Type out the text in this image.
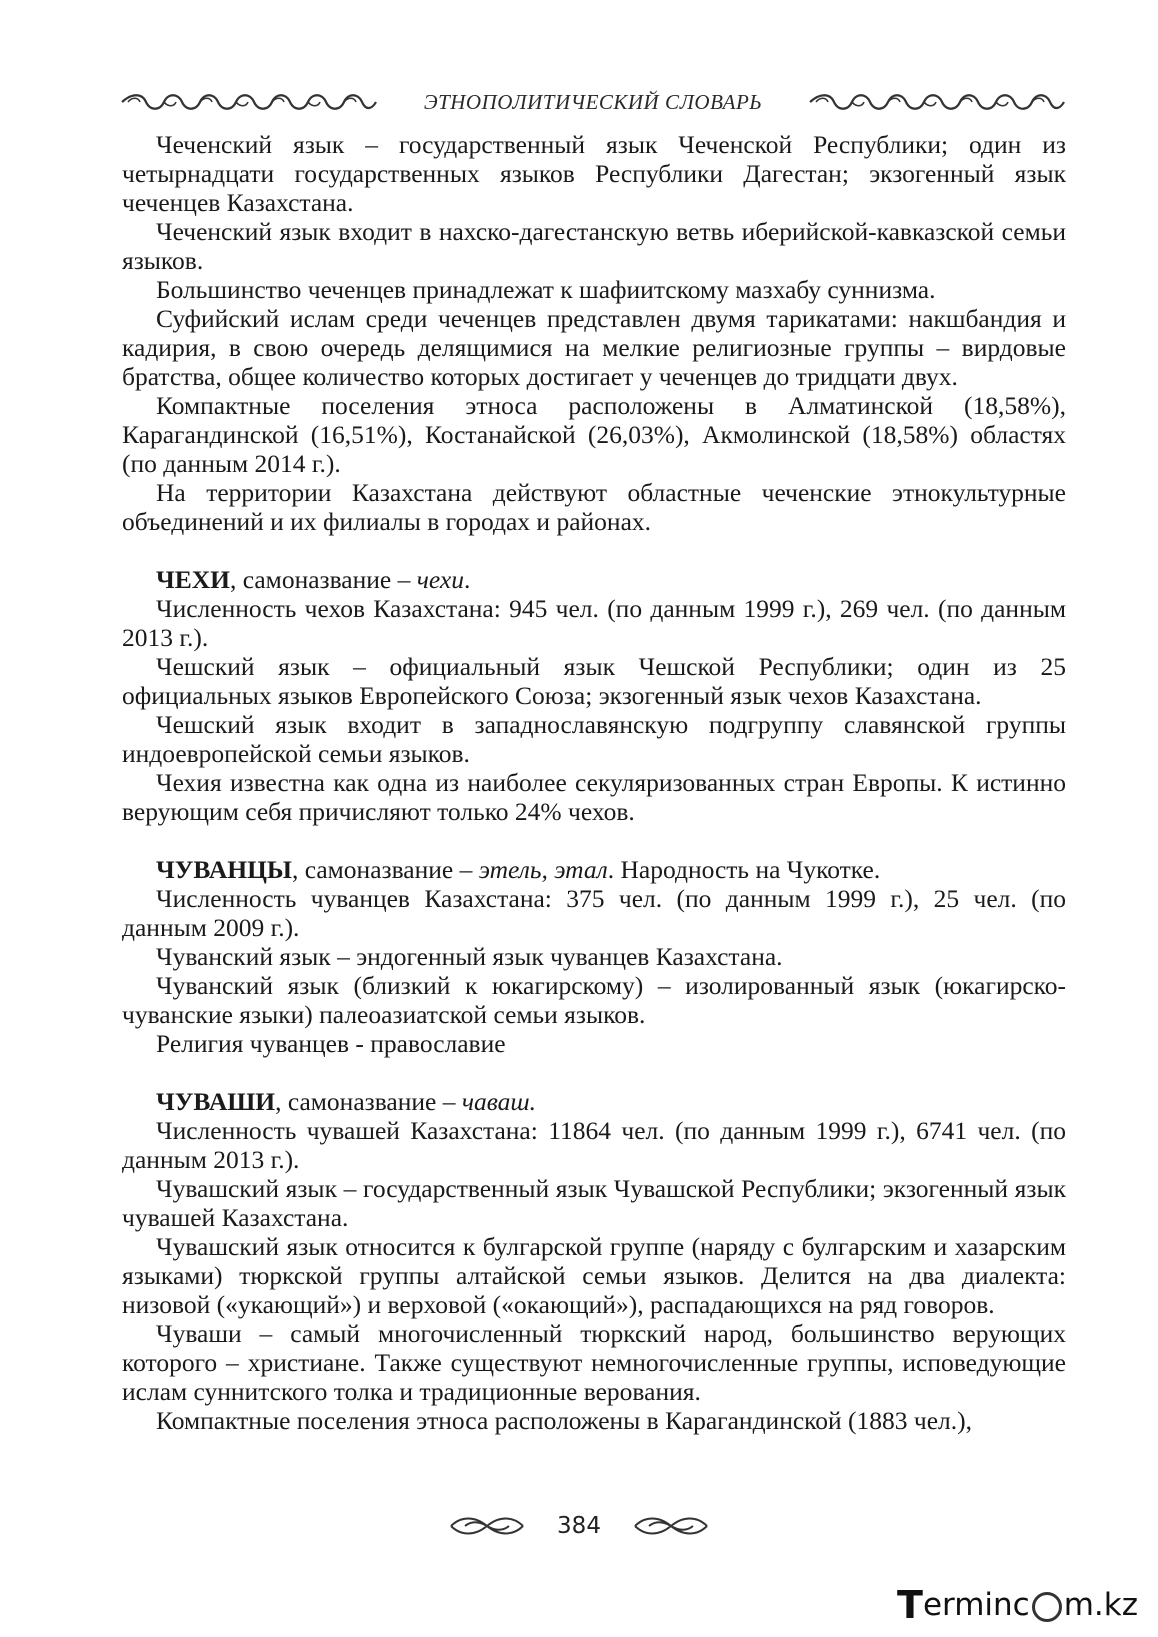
ЭТНОПОЛИТИЧЕСКИЙ СЛОВАРЬ

Чеченский язык – государственный язык Чеченской Республики; один из четырнадцати государственных языков Республики Дагестан; экзогенный язык чеченцев Казахстана.

Чеченский язык входит в нахско-дагестанскую ветвь иберийской-кавказской семьи языков.

Большинство чеченцев принадлежат к шафиитскому мазхабу суннизма.

Суфийский ислам среди чеченцев представлен двумя тарикатами: накшбандия и кадирия, в свою очередь делящимися на мелкие религиозные группы – вирдовые братства, общее количество которых достигает у чеченцев до тридцати двух.

Компактные поселения этноса расположены в Алматинской (18,58%), Карагандинской (16,51%), Костанайской (26,03%), Акмолинской (18,58%) областях (по данным 2014 г.).

На территории Казахстана действуют областные чеченские этнокультурные объединений и их филиалы в городах и районах.

ЧЕХИ, самоназвание – чехи.

Численность чехов Казахстана: 945 чел. (по данным 1999 г.), 269 чел. (по данным 2013 г.).

Чешский язык – официальный язык Чешской Республики; один из 25 официальных языков Европейского Союза; экзогенный язык чехов Казахстана.

Чешский язык входит в западнославянскую подгруппу славянской группы индоевропейской семьи языков.

Чехия известна как одна из наиболее секуляризованных стран Европы. К истинно верующим себя причисляют только 24% чехов.

ЧУВАНЦЫ, самоназвание – этель, этал. Народность на Чукотке.

Численность чуванцев Казахстана: 375 чел. (по данным 1999 г.), 25 чел. (по данным 2009 г.).

Чуванский язык – эндогенный язык чуванцев Казахстана.

Чуванский язык (близкий к юкагирскому) – изолированный язык (юкагирско-чуванские языки) палеоазиатской семьи языков.

Религия чуванцев - православие

ЧУВАШИ, самоназвание – чаваш.

Численность чувашей Казахстана: 11864 чел. (по данным 1999 г.), 6741 чел. (по данным 2013 г.).

Чувашский язык – государственный язык Чувашской Республики; экзогенный язык чувашей Казахстана.

Чувашский язык относится к булгарской группе (наряду с булгарским и хазарским языками) тюркской группы алтайской семьи языков. Делится на два диалекта: низовой («укающий») и верховой («окающий»), распадающихся на ряд говоров.

Чуваши – самый многочисленный тюркский народ, большинство верующих которого – христиане. Также существуют немногочисленные группы, исповедующие ислам суннитского толка и традиционные верования.

Компактные поселения этноса расположены в Карагандинской (1883 чел.),

384
T erminc m.kz
